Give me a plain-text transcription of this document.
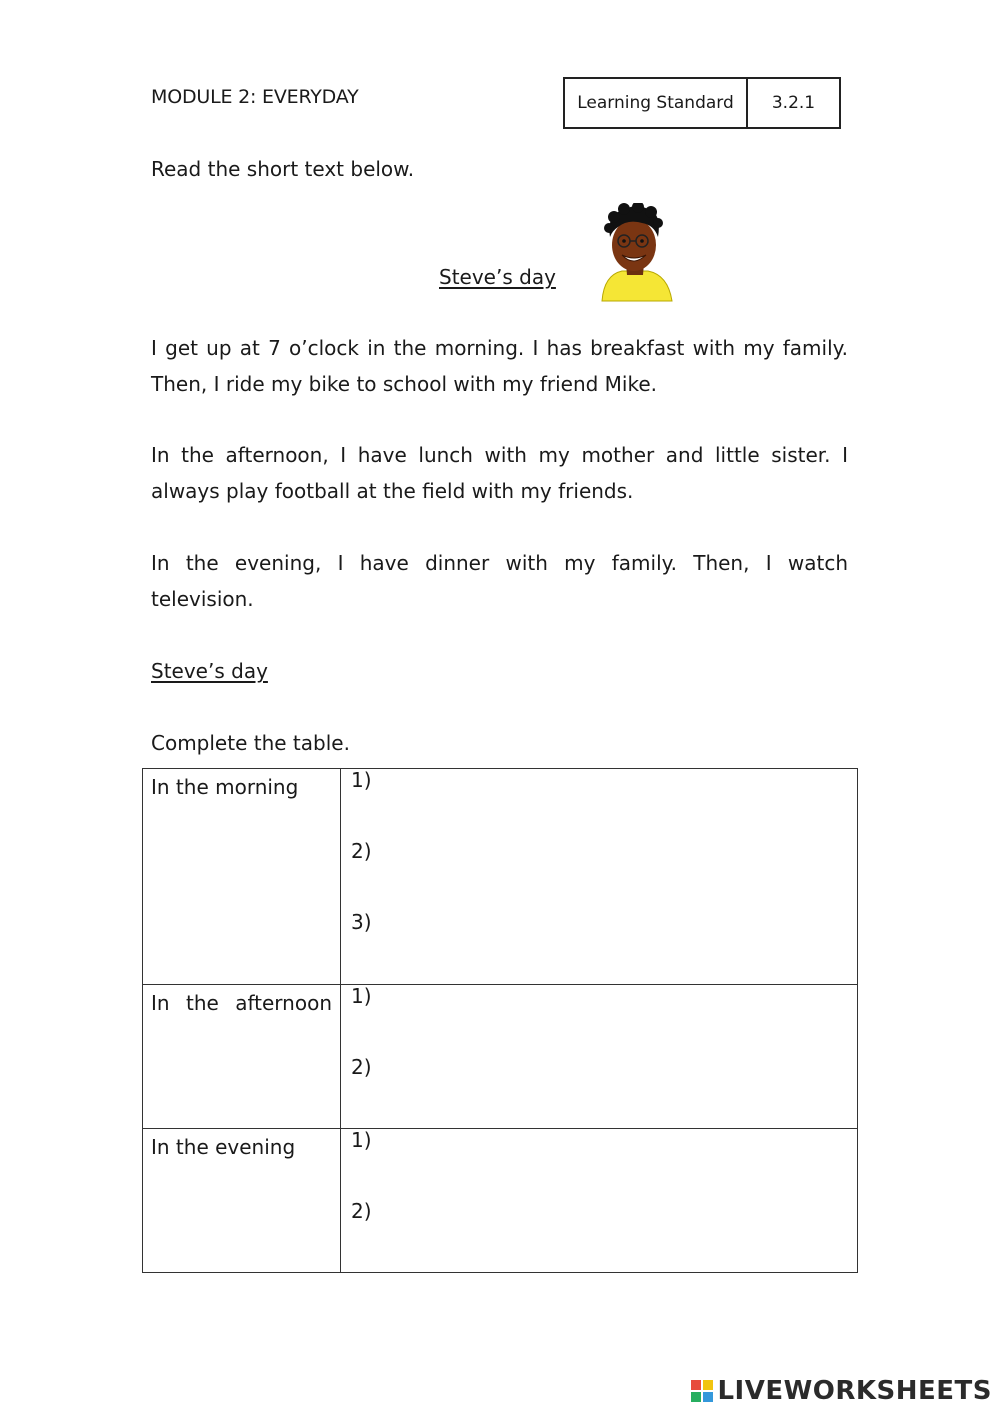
MODULE 2: EVERYDAY	Learning Standard	3.2.1
Read the short text below.
Steve’s day

I get up at 7 o’clock in the morning. I has breakfast with my family. Then, I ride my bike to school with my friend Mike.

In the afternoon, I have lunch with my mother and little sister. I always play football at the field with my friends.

In the evening, I have dinner with my family. Then, I watch television.

Steve’s day
Complete the table.
In the morning	1)
2)
3)

In the afternoon	1)
2)

In the evening	1)
2)
LIVEWORKSHEETS
